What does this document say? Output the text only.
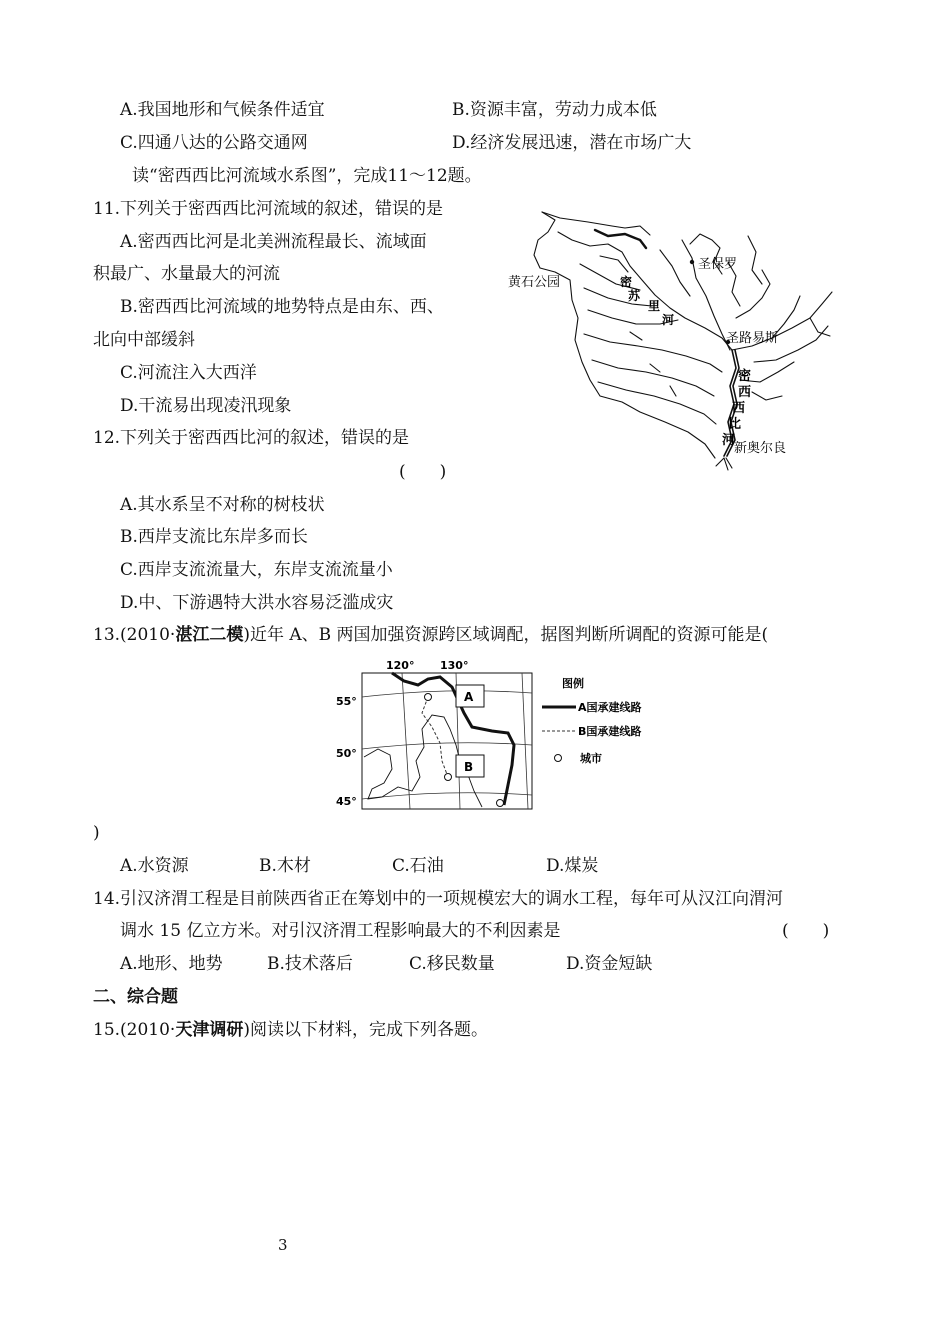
A.我国地形和气候条件适宜	B.资源丰富，劳动力成本低
C.四通八达的公路交通网	D.经济发展迅速，潜在市场广大
读“密西西比河流域水系图”，完成11～12题。
11.下列关于密西西比河流域的叙述，错误的是
A.密西西比河是北美洲流程最长、流域面
积最广、水量最大的河流
B.密西西比河流域的地势特点是由东、西、
北向中部缓斜
C.河流注入大西洋
D.干流易出现凌汛现象
12.下列关于密西西比河的叙述，错误的是
(　　)
A.其水系呈不对称的树枝状
B.西岸支流比东岸多而长
C.西岸支流流量大，东岸支流流量小
D.中、下游遇特大洪水容易泛滥成灾
黄石公园
圣保罗
圣路易斯
新奥尔良
密
苏
里
河
密
西
西
比
河
13.(2010·湛江二模)近年 A、B 两国加强资源跨区域调配，据图判断所调配的资源可能是(
120° 130°
55°
50°
45°
A
B
图例
A国承建线路
B国承建线路
城市
)
A.水资源	B.木材	C.石油	D.煤炭
14.引汉济渭工程是目前陕西省正在筹划中的一项规模宏大的调水工程，每年可从汉江向渭河
调水 15 亿立方米。对引汉济渭工程影响最大的不利因素是	(　　)
A.地形、地势	B.技术落后	C.移民数量	D.资金短缺
二、综合题
15.(2010·天津调研)阅读以下材料，完成下列各题。
3
